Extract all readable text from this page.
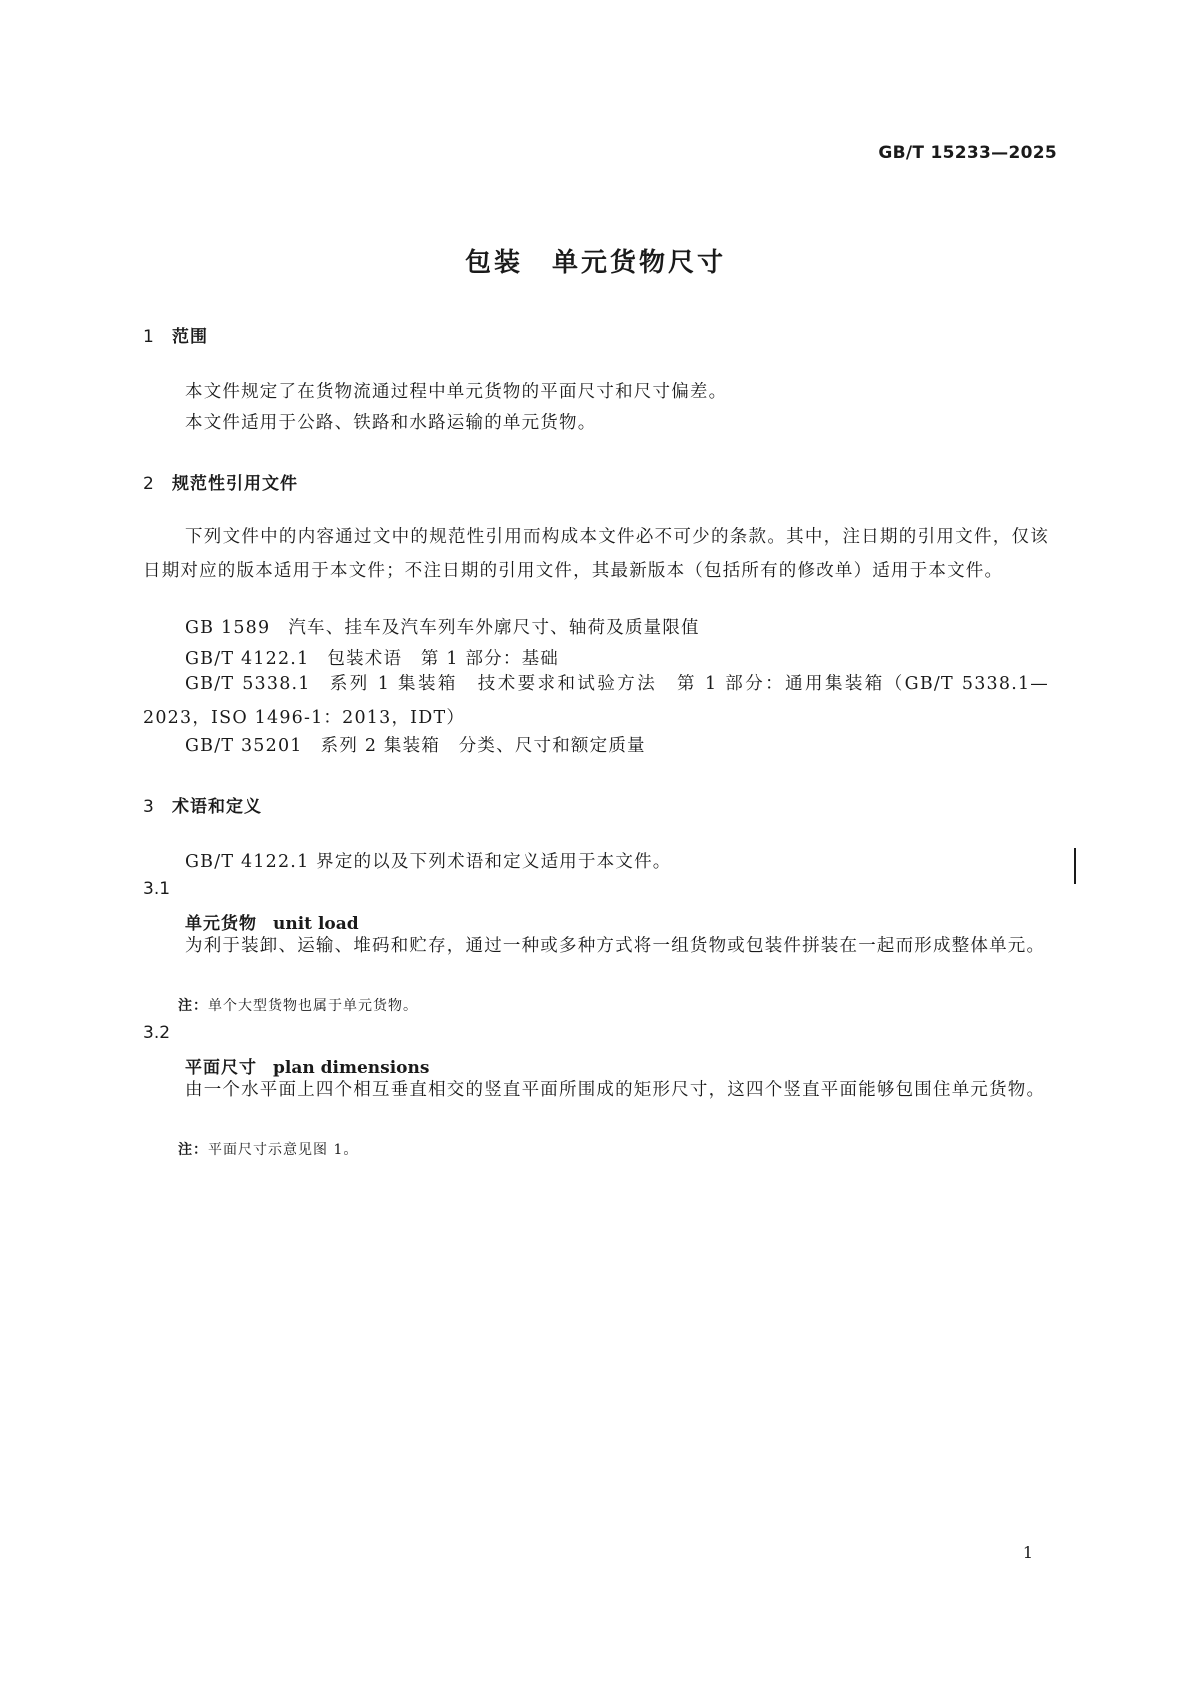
GB/T 15233—2025
包装　单元货物尺寸
1 范围
本文件规定了在货物流通过程中单元货物的平面尺寸和尺寸偏差。
本文件适用于公路、铁路和水路运输的单元货物。
2 规范性引用文件
下列文件中的内容通过文中的规范性引用而构成本文件必不可少的条款。其中，注日期的引用文件，仅该日期对应的版本适用于本文件；不注日期的引用文件，其最新版本（包括所有的修改单）适用于本文件。
GB 1589 汽车、挂车及汽车列车外廓尺寸、轴荷及质量限值
GB/T 4122.1 包装术语　第 1 部分：基础
GB/T 5338.1 系列 1 集装箱　技术要求和试验方法　第 1 部分：通用集装箱（GB/T 5338.1—2023，ISO 1496-1：2013，IDT）
GB/T 35201 系列 2 集装箱　分类、尺寸和额定质量
3 术语和定义
GB/T 4122.1 界定的以及下列术语和定义适用于本文件。
3.1
单元货物 unit load
为利于装卸、运输、堆码和贮存，通过一种或多种方式将一组货物或包装件拼装在一起而形成整体单元。
注：单个大型货物也属于单元货物。
3.2
平面尺寸 plan dimensions
由一个水平面上四个相互垂直相交的竖直平面所围成的矩形尺寸，这四个竖直平面能够包围住单元货物。
注：平面尺寸示意见图 1。
1
